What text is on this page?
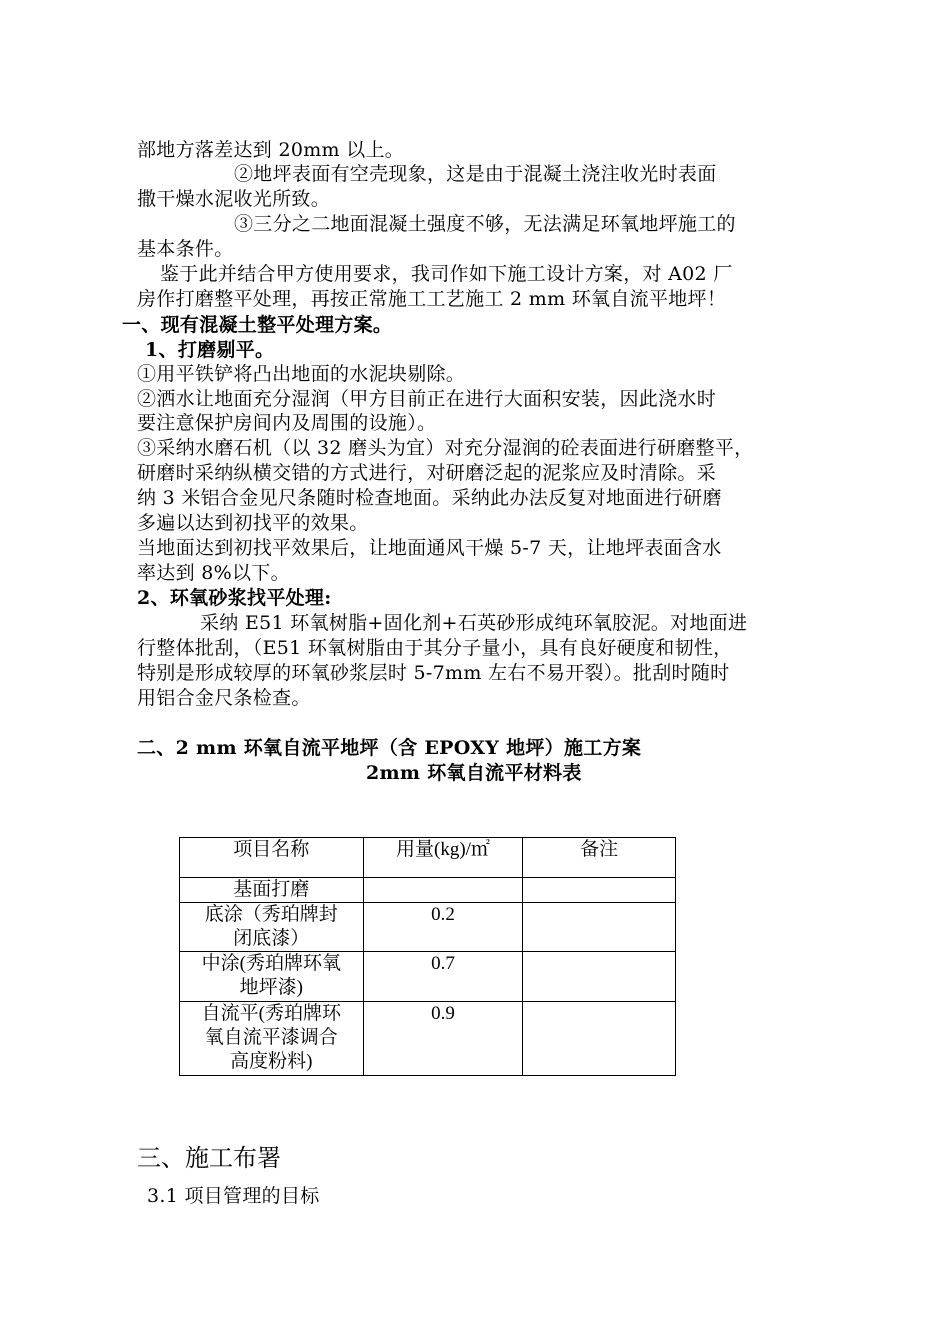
部地方落差达到 20mm 以上。
②地坪表面有空壳现象，这是由于混凝土浇注收光时表面
撒干燥水泥收光所致。
③三分之二地面混凝土强度不够，无法满足环氧地坪施工的
基本条件。
鉴于此并结合甲方使用要求，我司作如下施工设计方案，对 A02 厂
房作打磨整平处理，再按正常施工工艺施工 2 mm 环氧自流平地坪！
一、现有混凝土整平处理方案。
1、打磨剔平。
①用平铁铲将凸出地面的水泥块剔除。
②洒水让地面充分湿润（甲方目前正在进行大面积安装，因此浇水时
要注意保护房间内及周围的设施）。
③采纳水磨石机（以 32 磨头为宜）对充分湿润的砼表面进行研磨整平，
研磨时采纳纵横交错的方式进行，对研磨泛起的泥浆应及时清除。采
纳 3 米铝合金见尺条随时检查地面。采纳此办法反复对地面进行研磨
多遍以达到初找平的效果。
当地面达到初找平效果后，让地面通风干燥 5-7 天，让地坪表面含水
率达到 8%以下。
2、环氧砂浆找平处理:
采纳 E51 环氧树脂+固化剂+石英砂形成纯环氧胶泥。对地面进
行整体批刮，（E51 环氧树脂由于其分子量小，具有良好硬度和韧性，
特别是形成较厚的环氧砂浆层时 5-7mm 左右不易开裂）。批刮时随时
用铝合金尺条检查。
二、2 mm 环氧自流平地坪（含 EPOXY 地坪）施工方案
2mm 环氧自流平材料表
项目名称	用量(kg)/㎡	备注
基面打磨		

底涂（秀珀牌封
闭底漆）	0.2	

中涂(秀珀牌环氧
地坪漆)	0.7	

自流平(秀珀牌环
氧自流平漆调合
高度粉料)	0.9	
三、施工布署
3.1 项目管理的目标
